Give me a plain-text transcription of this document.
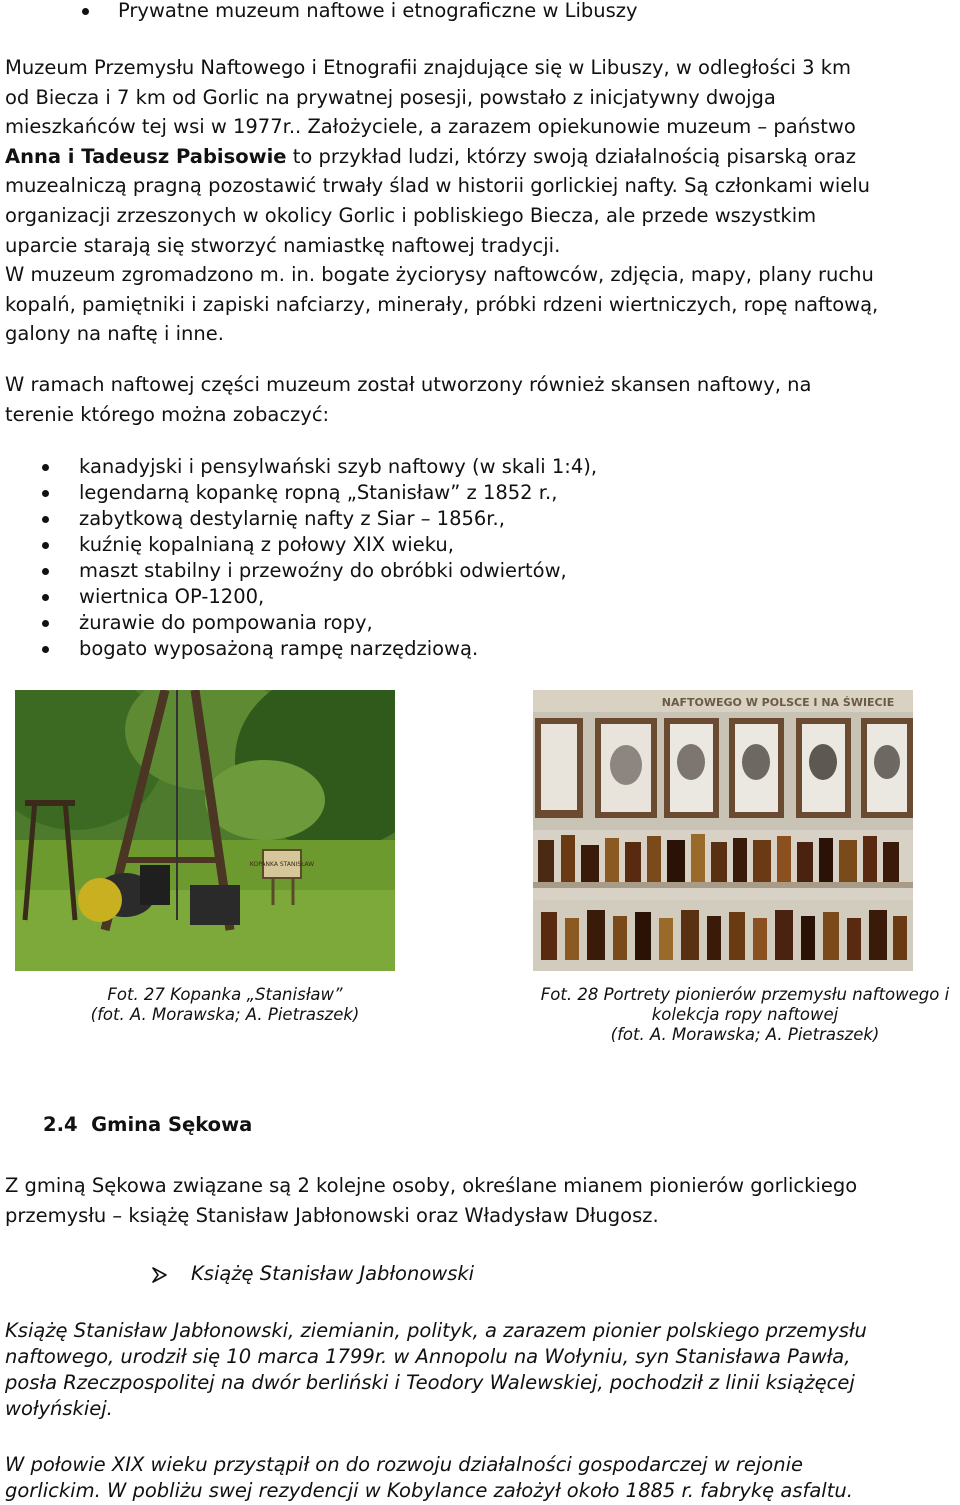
Prywatne muzeum naftowe i etnograficzne w Libuszy
Muzeum Przemysłu Naftowego i Etnografii znajdujące się w Libuszy, w odległości 3 km
od Biecza i 7 km od Gorlic na prywatnej posesji, powstało z inicjatywny dwojga
mieszkańców tej wsi w 1977r.. Założyciele, a zarazem opiekunowie muzeum – państwo
Anna i Tadeusz Pabisowie to przykład ludzi, którzy swoją działalnością pisarską oraz
muzealniczą pragną pozostawić trwały ślad w historii gorlickiej nafty. Są członkami wielu
organizacji zrzeszonych w okolicy Gorlic i pobliskiego Biecza, ale przede wszystkim
uparcie starają się stworzyć namiastkę naftowej tradycji.
W muzeum zgromadzono m. in. bogate życiorysy naftowców, zdjęcia, mapy, plany ruchu
kopalń, pamiętniki i zapiski nafciarzy, minerały, próbki rdzeni wiertniczych, ropę naftową,
galony na naftę i inne.
W ramach naftowej części muzeum został utworzony również skansen naftowy, na
terenie którego można zobaczyć:
kanadyjski i pensylwański szyb naftowy (w skali 1:4),
legendarną kopankę ropną „Stanisław” z 1852 r.,
zabytkową destylarnię nafty z Siar – 1856r.,
kuźnię kopalnianą z połowy XIX wieku,
maszt stabilny i przewoźny do obróbki odwiertów,
wiertnica OP-1200,
żurawie do pompowania ropy,
bogato wyposażoną rampę narzędziową.
KOPANKA STANISŁAW
NAFTOWEGO W POLSCE I NA ŚWIECIE
Fot. 27 Kopanka „Stanisław”
(fot. A. Morawska; A. Pietraszek)
Fot. 28 Portrety pionierów przemysłu naftowego i
kolekcja ropy naftowej
(fot. A. Morawska; A. Pietraszek)
2.4  Gmina Sękowa
Z gminą Sękowa związane są 2 kolejne osoby, określane mianem pionierów gorlickiego
przemysłu – książę Stanisław Jabłonowski oraz Władysław Długosz.
Książę Stanisław Jabłonowski
Książę Stanisław Jabłonowski, ziemianin, polityk, a zarazem pionier polskiego przemysłu
naftowego, urodził się 10 marca 1799r. w Annopolu na Wołyniu, syn Stanisława Pawła,
posła Rzeczpospolitej na dwór berliński i Teodory Walewskiej, pochodził z linii książęcej
wołyńskiej.
W połowie XIX wieku przystąpił on do rozwoju działalności gospodarczej w rejonie
gorlickim. W pobliżu swej rezydencji w Kobylance założył około 1885 r. fabrykę asfaltu.
